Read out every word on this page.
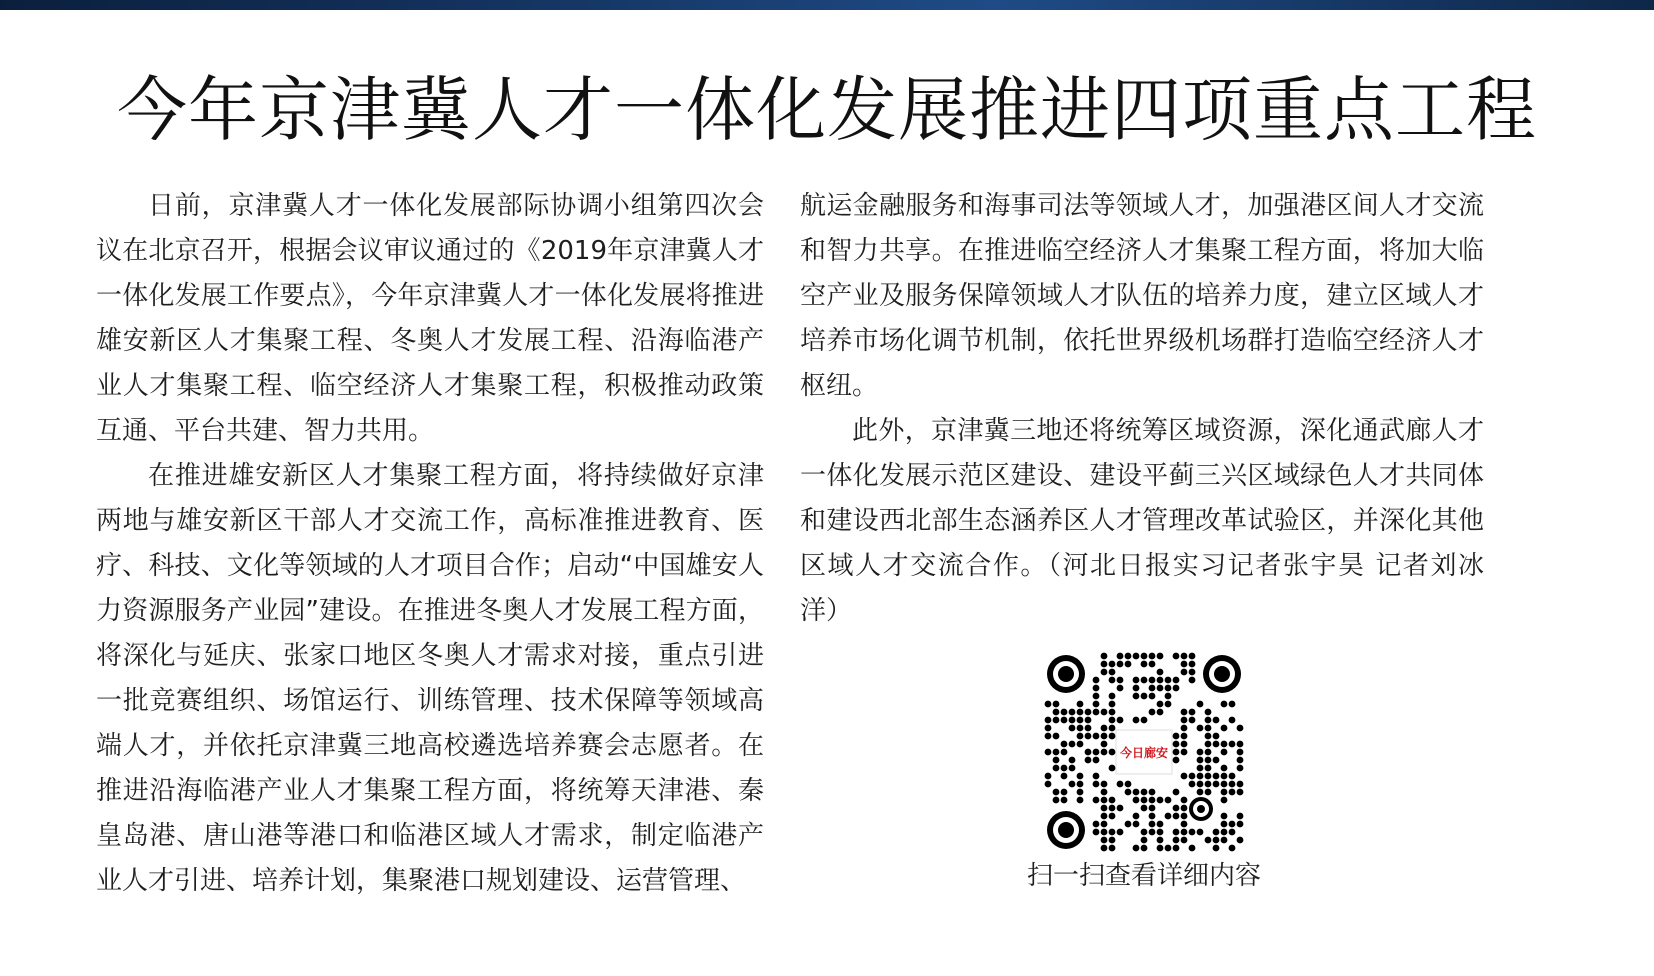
今年京津冀人才一体化发展推进四项重点工程

日前，京津冀人才一体化发展部际协调小组第四次会议在北京召开，根据会议审议通过的《2019年京津冀人才一体化发展工作要点》，今年京津冀人才一体化发展将推进雄安新区人才集聚工程、冬奥人才发展工程、沿海临港产业人才集聚工程、临空经济人才集聚工程，积极推动政策互通、平台共建、智力共用。

在推进雄安新区人才集聚工程方面，将持续做好京津两地与雄安新区干部人才交流工作，高标准推进教育、医疗、科技、文化等领域的人才项目合作；启动“中国雄安人力资源服务产业园”建设。在推进冬奥人才发展工程方面，将深化与延庆、张家口地区冬奥人才需求对接，重点引进一批竞赛组织、场馆运行、训练管理、技术保障等领域高端人才，并依托京津冀三地高校遴选培养赛会志愿者。在推进沿海临港产业人才集聚工程方面，将统筹天津港、秦皇岛港、唐山港等港口和临港区域人才需求，制定临港产业人才引进、培养计划，集聚港口规划建设、运营管理、

航运金融服务和海事司法等领域人才，加强港区间人才交流和智力共享。在推进临空经济人才集聚工程方面，将加大临空产业及服务保障领域人才队伍的培养力度，建立区域人才培养市场化调节机制，依托世界级机场群打造临空经济人才枢纽。

此外，京津冀三地还将统筹区域资源，深化通武廊人才一体化发展示范区建设、建设平蓟三兴区域绿色人才共同体和建设西北部生态涵养区人才管理改革试验区，并深化其他区域人才交流合作。（河北日报实习记者张宇昊 记者刘冰洋）

今日廊安
扫一扫查看详细内容
